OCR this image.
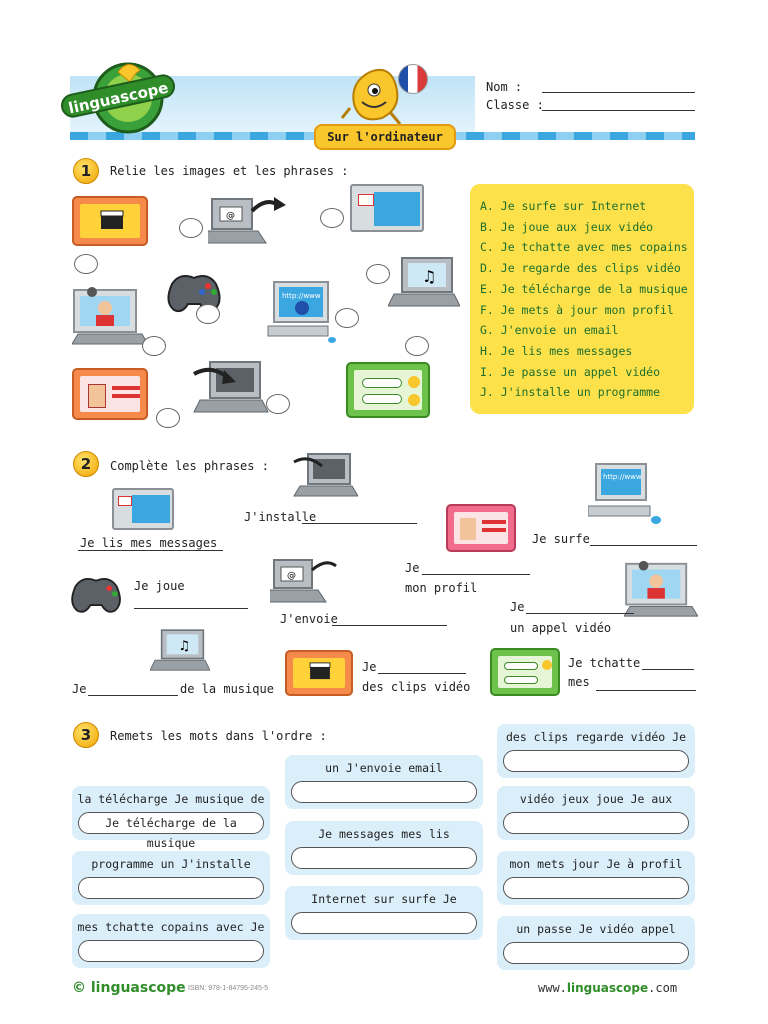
linguascope
Sur l'ordinateur
Nom :
Classe :
1	Relie les images et les phrases :
@
♫
http://www
A. Je surfe sur Internet
B. Je joue aux jeux vidéo
C. Je tchatte avec mes copains
D. Je regarde des clips vidéo
E. Je télécharge de la musique
F. Je mets à jour mon profil
G. J'envoie un email
H. Je lis mes messages
I. Je passe un appel vidéo
J. J'installe un programme
2	Complète les phrases :
Je lis mes messages
J'installe
http://www
Je surfe
Je joue
@
J'envoie
Je
mon profil
Je
un appel vidéo
♫
Je	de la musique
Je
des clips vidéo
Je tchatte
mes
3	Remets les mots dans l'ordre :
la télécharge Je musique de
Je télécharge de la musique
programme un J'installe
mes tchatte copains avec Je
un J'envoie email
Je messages mes lis
Internet sur surfe Je
des clips regarde vidéo Je
vidéo jeux joue Je aux
mon mets jour Je à profil
un passe Je vidéo appel
© linguascope ISBN: 978-1-84795-245-5	www.linguascope.com
